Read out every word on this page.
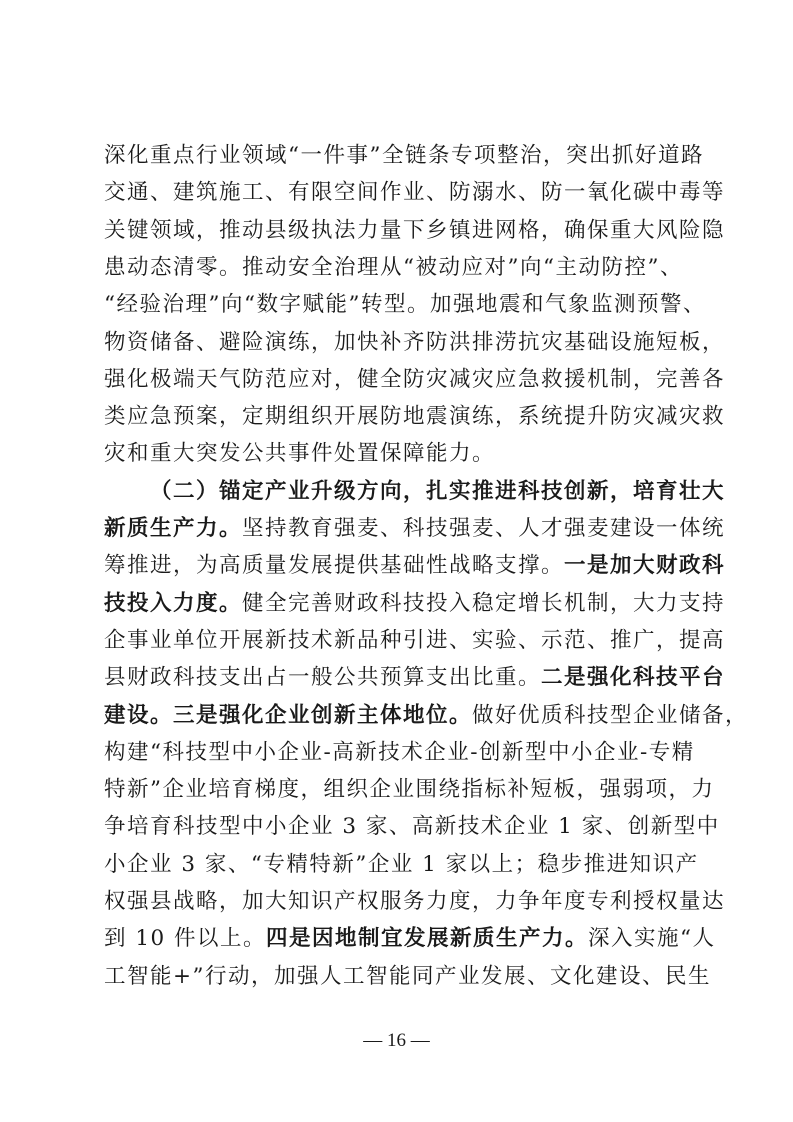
深化重点行业领域“一件事”全链条专项整治，突出抓好道路
交通、建筑施工、有限空间作业、防溺水、防一氧化碳中毒等
关键领域，推动县级执法力量下乡镇进网格，确保重大风险隐
患动态清零。推动安全治理从“被动应对”向“主动防控”、
“经验治理”向“数字赋能”转型。加强地震和气象监测预警、
物资储备、避险演练，加快补齐防洪排涝抗灾基础设施短板，
强化极端天气防范应对，健全防灾减灾应急救援机制，完善各
类应急预案，定期组织开展防地震演练，系统提升防灾减灾救
灾和重大突发公共事件处置保障能力。
（二）锚定产业升级方向，扎实推进科技创新，培育壮大
新质生产力。坚持教育强麦、科技强麦、人才强麦建设一体统
筹推进，为高质量发展提供基础性战略支撑。一是加大财政科
技投入力度。健全完善财政科技投入稳定增长机制，大力支持
企事业单位开展新技术新品种引进、实验、示范、推广，提高
县财政科技支出占一般公共预算支出比重。二是强化科技平台
建设。三是强化企业创新主体地位。做好优质科技型企业储备，
构建“科技型中小企业-高新技术企业-创新型中小企业-专精
特新”企业培育梯度，组织企业围绕指标补短板，强弱项，力
争培育科技型中小企业 3 家、高新技术企业 1 家、创新型中
小企业 3 家、“专精特新”企业 1 家以上；稳步推进知识产
权强县战略，加大知识产权服务力度，力争年度专利授权量达
到 10 件以上。四是因地制宜发展新质生产力。深入实施“人
工智能+”行动，加强人工智能同产业发展、文化建设、民生
— 16 —
